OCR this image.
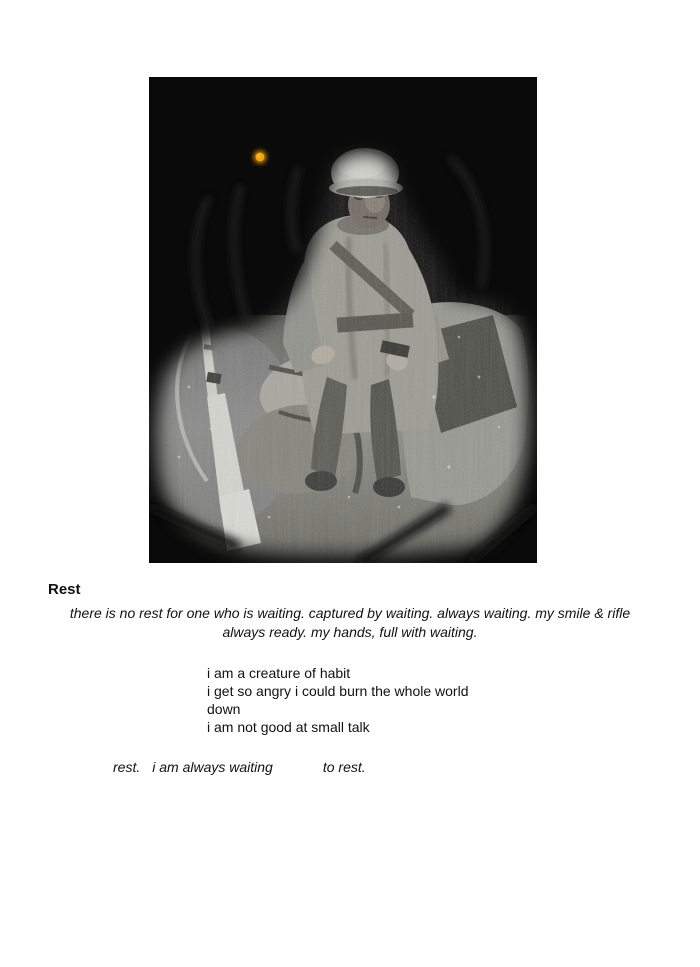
Rest
there is no rest for one who is waiting. captured by waiting. always waiting. my smile & rifle
always ready. my hands, full with waiting.
i am a creature of habit
i get so angry i could burn the whole world
down
i am not good at small talk
rest. i am always waiting	to rest.
